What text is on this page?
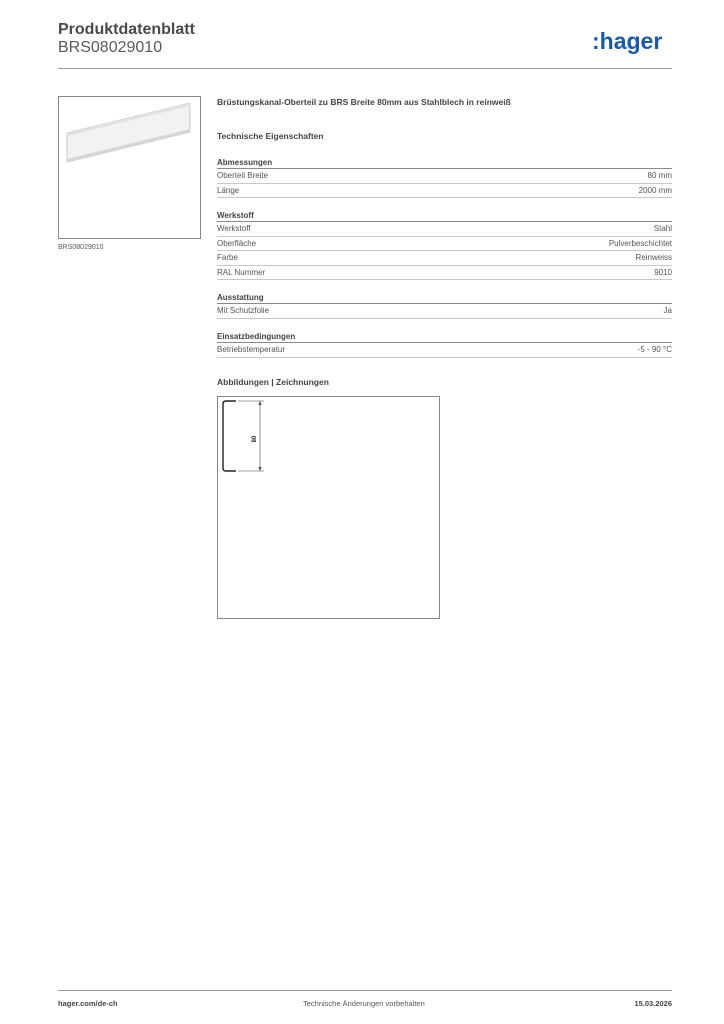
Produktdatenblatt
BRS08029010	:hager
BRS08029010
Brüstungskanal-Oberteil zu BRS Breite 80mm aus Stahlblech in reinweiß
Technische Eigenschaften
Abmessungen
Oberteil Breite	80 mm
Länge	2000 mm
Werkstoff
Werkstoff	Stahl
Oberfläche	Pulverbeschichtet
Farbe	Reinweiss
RAL Nummer	9010
Ausstattung
Mit Schutzfolie	Ja
Einsatzbedingungen
Betriebstemperatur	-5 - 90 °C
Abbildungen | Zeichnungen
80
hager.com/de-ch	Technische Änderungen vorbehalten	15.03.2026
